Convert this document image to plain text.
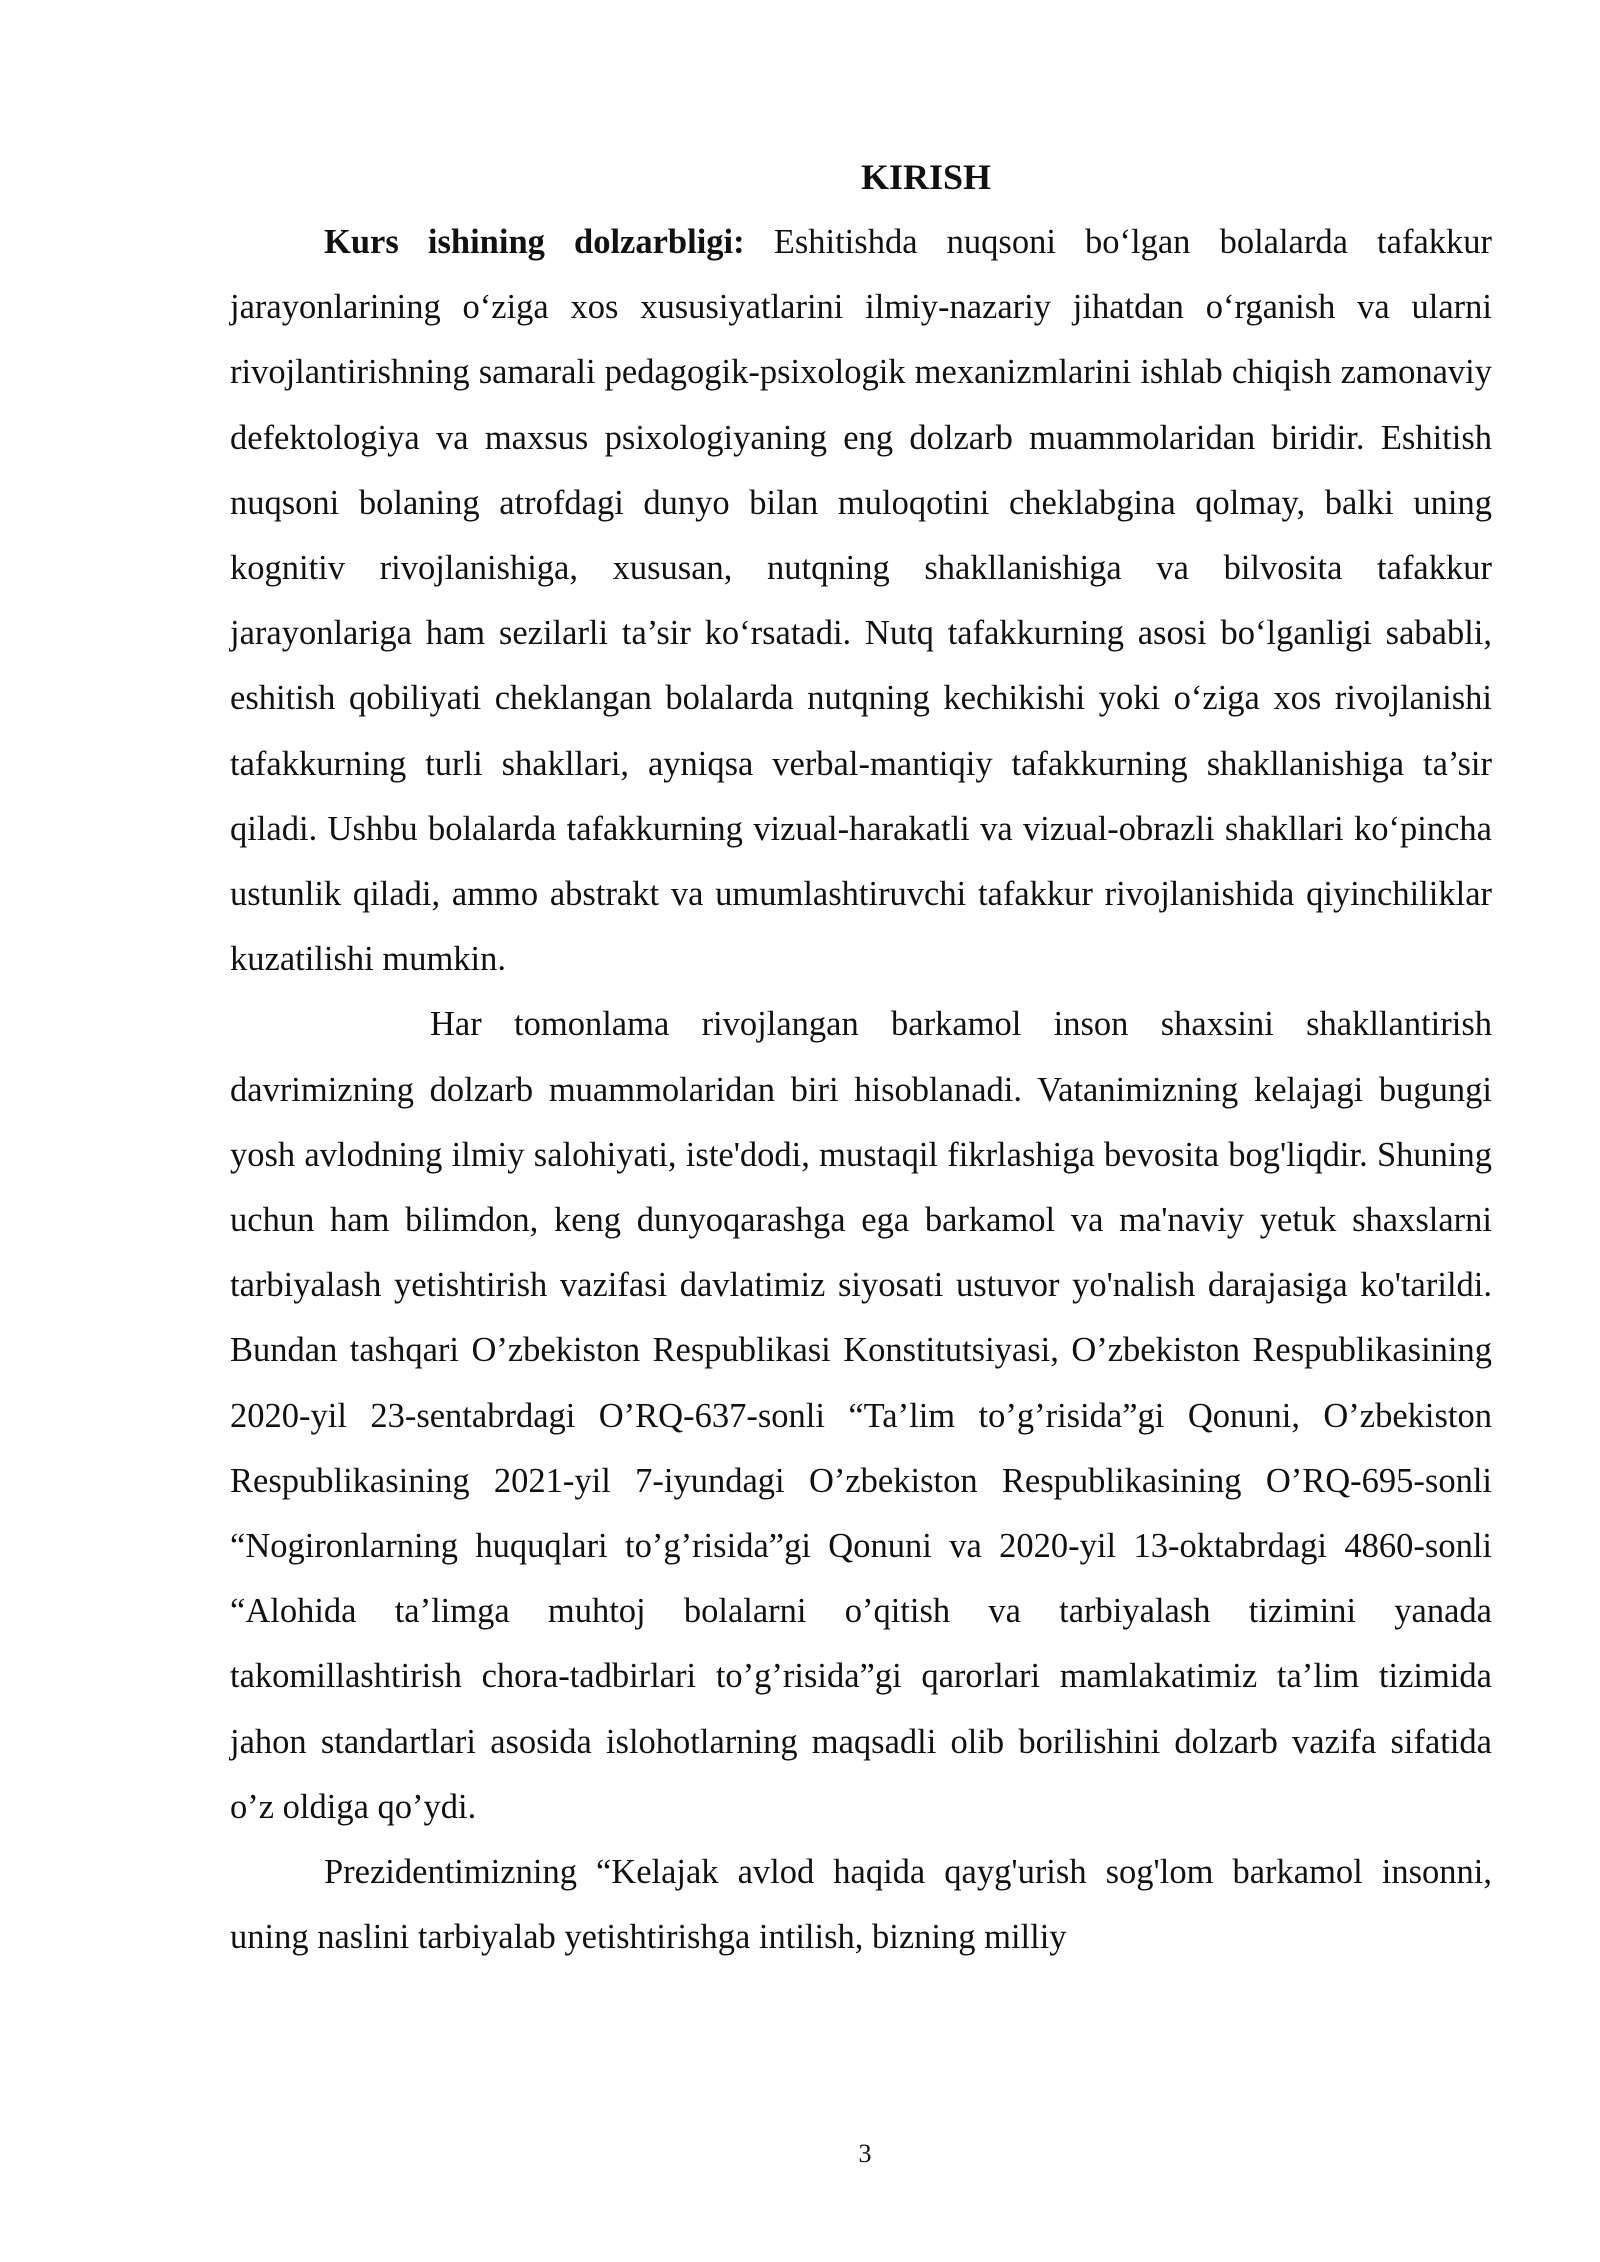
KIRISH

Kurs ishining dolzarbligi: Eshitishda nuqsoni bo‘lgan bolalarda tafakkur jarayonlarining o‘ziga xos xususiyatlarini ilmiy-nazariy jihatdan o‘rganish va ularni rivojlantirishning samarali pedagogik-psixologik mexanizmlarini ishlab chiqish zamonaviy defektologiya va maxsus psixologiyaning eng dolzarb muammolaridan biridir. Eshitish nuqsoni bolaning atrofdagi dunyo bilan muloqotini cheklabgina qolmay, balki uning kognitiv rivojlanishiga, xususan, nutqning shakllanishiga va bilvosita tafakkur jarayonlariga ham sezilarli ta’sir ko‘rsatadi. Nutq tafakkurning asosi bo‘lganligi sababli, eshitish qobiliyati cheklangan bolalarda nutqning kechikishi yoki o‘ziga xos rivojlanishi tafakkurning turli shakllari, ayniqsa verbal-mantiqiy tafakkurning shakllanishiga ta’sir qiladi. Ushbu bolalarda tafakkurning vizual-harakatli va vizual-obrazli shakllari ko‘pincha ustunlik qiladi, ammo abstrakt va umumlashtiruvchi tafakkur rivojlanishida qiyinchiliklar kuzatilishi mumkin.

Har tomonlama rivojlangan barkamol inson shaxsini shakllantirish davrimizning dolzarb muammolaridan biri hisoblanadi. Vatanimizning kelajagi bugungi yosh avlodning ilmiy salohiyati, iste'dodi, mustaqil fikrlashiga bevosita bog'liqdir. Shuning uchun ham bilimdon, keng dunyoqarashga ega barkamol va ma'naviy yetuk shaxslarni tarbiyalash yetishtirish vazifasi davlatimiz siyosati ustuvor yo'nalish darajasiga ko'tarildi. Bundan tashqari O’zbekiston Respublikasi Konstitutsiyasi, O’zbekiston Respublikasining 2020-yil 23-sentabrdagi O’RQ-637-sonli “Ta’lim to’g’risida”gi Qonuni, O’zbekiston Respublikasining 2021-yil 7-iyundagi O’zbekiston Respublikasining O’RQ-695-sonli “Nogironlarning huquqlari to’g’risida”gi Qonuni va 2020-yil 13-oktabrdagi 4860-sonli “Alohida ta’limga muhtoj bolalarni o’qitish va tarbiyalash tizimini yanada takomillashtirish chora-tadbirlari to’g’risida”gi qarorlari mamlakatimiz ta’lim tizimida jahon standartlari asosida islohotlarning maqsadli olib borilishini dolzarb vazifa sifatida o’z oldiga qo’ydi.

Prezidentimizning “Kelajak avlod haqida qayg'urish sog'lom barkamol insonni, uning naslini tarbiyalab yetishtirishga intilish, bizning milliy

3
